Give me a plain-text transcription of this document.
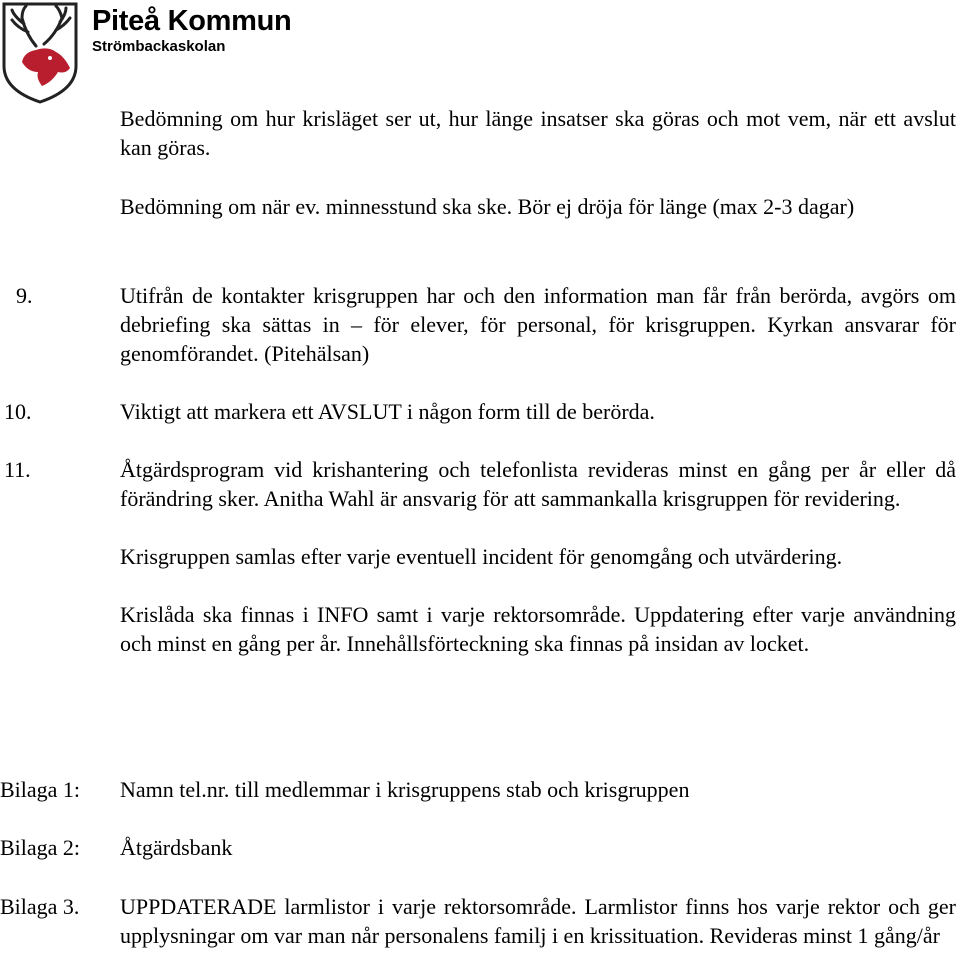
Piteå Kommun
Strömbackaskolan
Bedömning om hur krisläget ser ut, hur länge insatser ska göras och mot vem, när ett avslut kan göras.
Bedömning om när ev. minnesstund ska ske. Bör ej dröja för länge (max 2-3 dagar)
9.	Utifrån de kontakter krisgruppen har och den information man får från berörda, avgörs om debriefing ska sättas in – för elever, för personal, för krisgruppen. Kyrkan ansvarar för genomförandet. (Pitehälsan)
10.	Viktigt att markera ett AVSLUT i någon form till de berörda.
11.	Åtgärdsprogram vid krishantering och telefonlista revideras minst en gång per år eller då förändring sker. Anitha Wahl är ansvarig för att sammankalla krisgruppen för revidering.
Krisgruppen samlas efter varje eventuell incident för genomgång och utvärdering.
Krislåda ska finnas i INFO samt i varje rektorsområde. Uppdatering efter varje användning och minst en gång per år. Innehållsförteckning ska finnas på insidan av locket.
Bilaga 1: Namn tel.nr. till medlemmar i krisgruppens stab och krisgruppen
Bilaga 2: Åtgärdsbank
Bilaga 3. UPPDATERADE larmlistor i varje rektorsområde. Larmlistor finns hos varje rektor och ger upplysningar om var man når personalens familj i en krissituation. Revideras minst 1 gång/år
